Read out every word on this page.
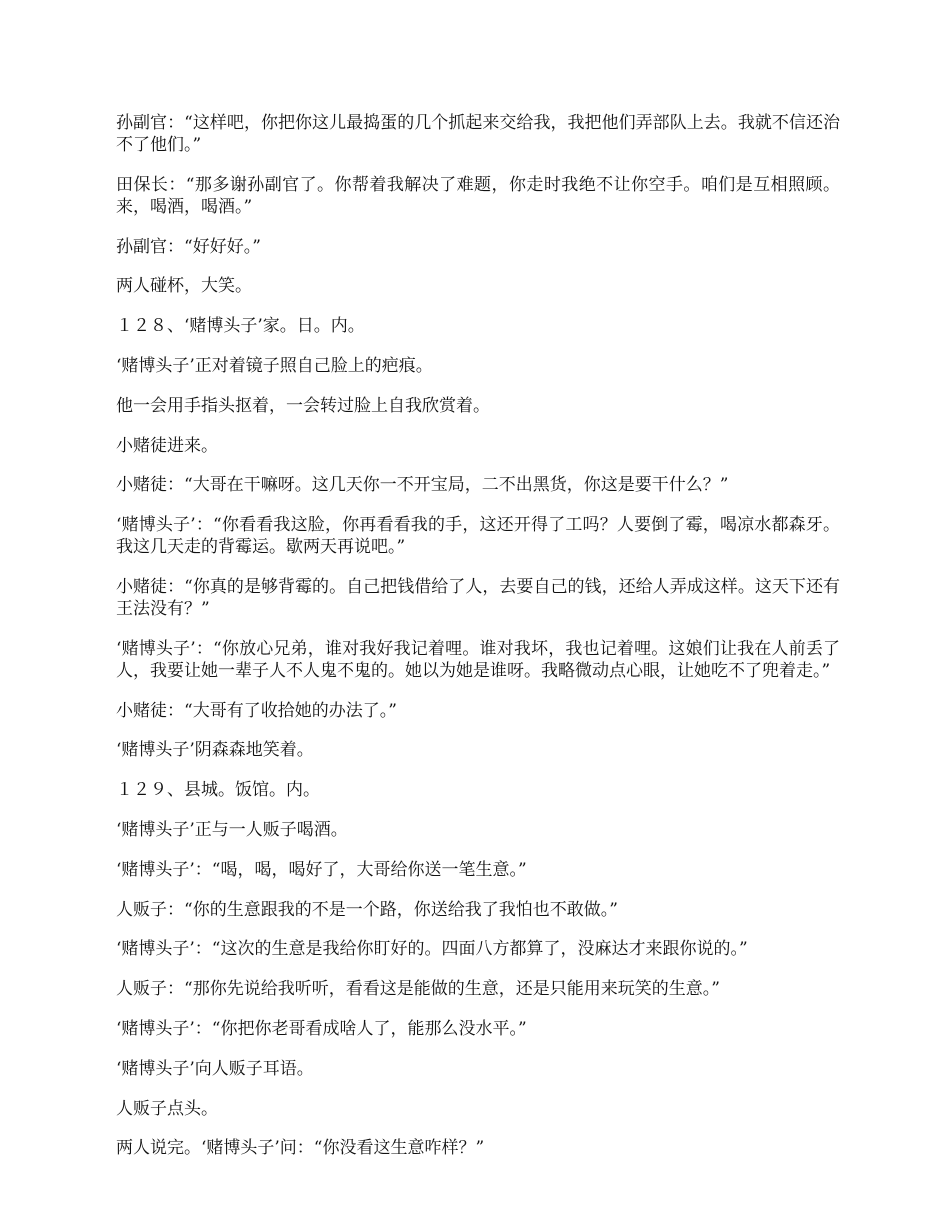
孙副官：“这样吧，你把你这儿最捣蛋的几个抓起来交给我，我把他们弄部队上去。我就不信还治不了他们。”

田保长：“那多谢孙副官了。你帮着我解决了难题，你走时我绝不让你空手。咱们是互相照顾。来，喝酒，喝酒。”

孙副官：“好好好。”

两人碰杯，大笑。

１２８、‘赌博头子’家。日。内。

‘赌博头子’正对着镜子照自己脸上的疤痕。

他一会用手指头抠着，一会转过脸上自我欣赏着。

小赌徒进来。

小赌徒：“大哥在干嘛呀。这几天你一不开宝局，二不出黑货，你这是要干什么？”

‘赌博头子’：“你看看我这脸，你再看看我的手，这还开得了工吗？人要倒了霉，喝凉水都森牙。我这几天走的背霉运。歇两天再说吧。”

小赌徒：“你真的是够背霉的。自己把钱借给了人，去要自己的钱，还给人弄成这样。这天下还有王法没有？”

‘赌博头子’：“你放心兄弟，谁对我好我记着哩。谁对我坏，我也记着哩。这娘们让我在人前丢了人，我要让她一辈子人不人鬼不鬼的。她以为她是谁呀。我略微动点心眼，让她吃不了兜着走。”

小赌徒：“大哥有了收拾她的办法了。”

‘赌博头子’阴森森地笑着。

１２９、县城。饭馆。内。

‘赌博头子’正与一人贩子喝酒。

‘赌博头子’：“喝，喝，喝好了，大哥给你送一笔生意。”

人贩子：“你的生意跟我的不是一个路，你送给我了我怕也不敢做。”

‘赌博头子’：“这次的生意是我给你盯好的。四面八方都算了，没麻达才来跟你说的。”

人贩子：“那你先说给我听听，看看这是能做的生意，还是只能用来玩笑的生意。”

‘赌博头子’：“你把你老哥看成啥人了，能那么没水平。”

‘赌博头子’向人贩子耳语。

人贩子点头。

两人说完。‘赌博头子’问：“你没看这生意咋样？”
